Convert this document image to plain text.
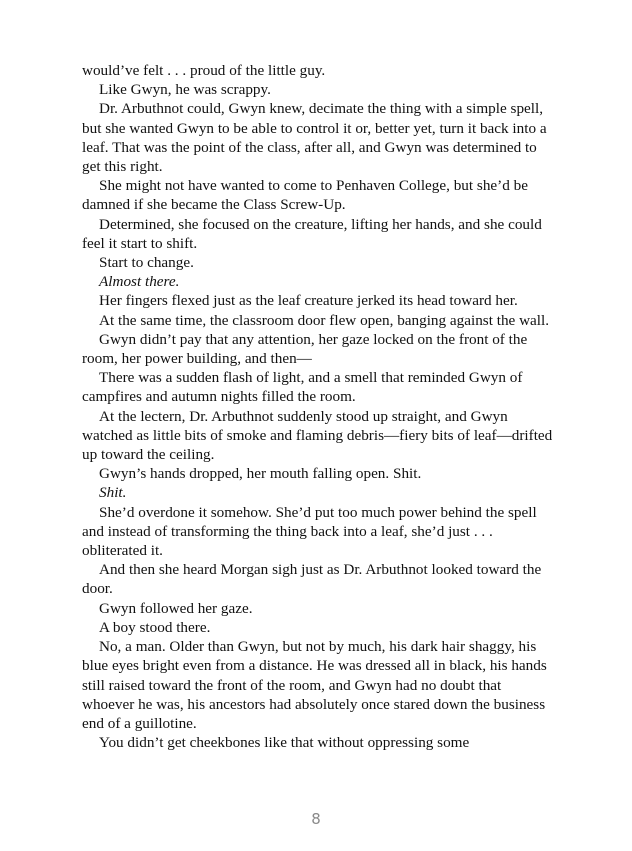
would’ve felt . . . proud of the little guy.

Like Gwyn, he was scrappy.

Dr. Arbuthnot could, Gwyn knew, decimate the thing with a simple spell, but she wanted Gwyn to be able to control it or, better yet, turn it back into a leaf. That was the point of the class, after all, and Gwyn was determined to get this right.

She might not have wanted to come to Penhaven College, but she’d be damned if she became the Class Screw-Up.

Determined, she focused on the creature, lifting her hands, and she could feel it start to shift.

Start to change.

Almost there.

Her fingers flexed just as the leaf creature jerked its head toward her.

At the same time, the classroom door flew open, banging against the wall.

Gwyn didn’t pay that any attention, her gaze locked on the front of the room, her power building, and then—

There was a sudden flash of light, and a smell that reminded Gwyn of campfires and autumn nights filled the room.

At the lectern, Dr. Arbuthnot suddenly stood up straight, and Gwyn watched as little bits of smoke and flaming debris—fiery bits of leaf—drifted up toward the ceiling.

Gwyn’s hands dropped, her mouth falling open. Shit.

Shit.

She’d overdone it somehow. She’d put too much power behind the spell and instead of transforming the thing back into a leaf, she’d just . . . obliterated it.

And then she heard Morgan sigh just as Dr. Arbuthnot looked toward the door.

Gwyn followed her gaze.

A boy stood there.

No, a man. Older than Gwyn, but not by much, his dark hair shaggy, his blue eyes bright even from a distance. He was dressed all in black, his hands still raised toward the front of the room, and Gwyn had no doubt that whoever he was, his ancestors had absolutely once stared down the business end of a guillotine.

You didn’t get cheekbones like that without oppressing some

8
